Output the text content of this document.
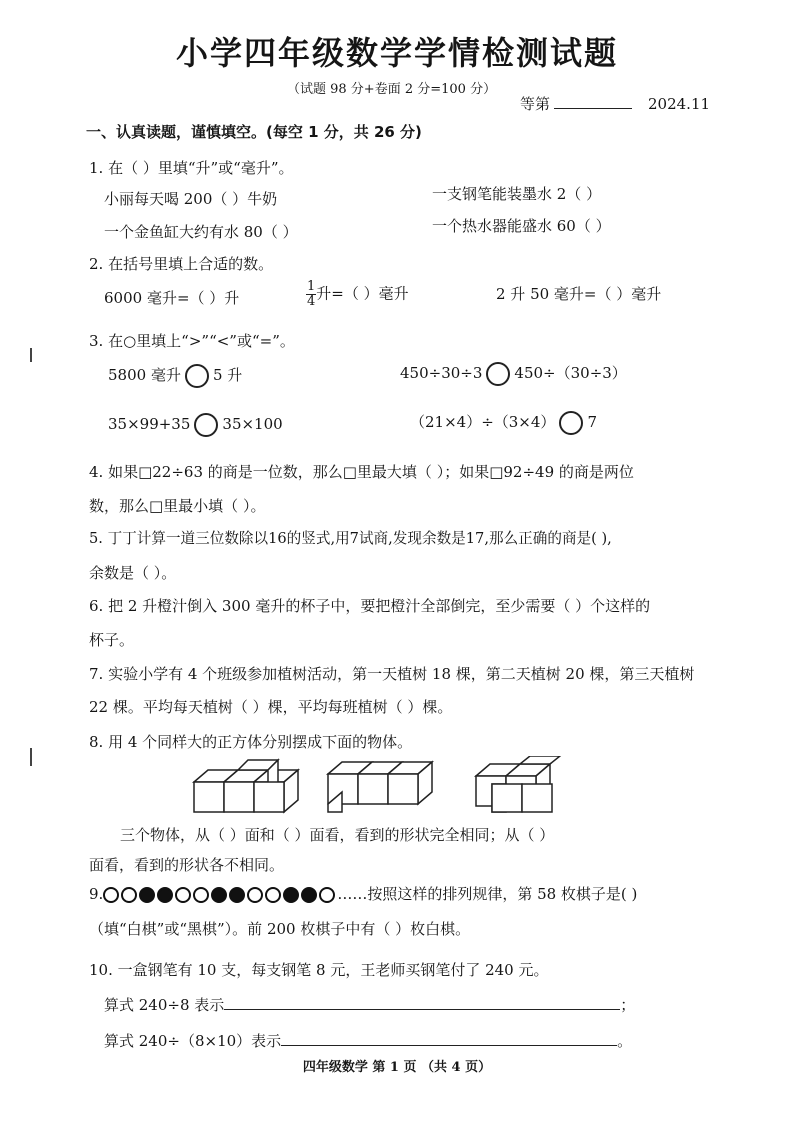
小学四年级数学学情检测试题
（试题 98 分+卷面 2 分=100 分）
等第	2024.11
一、认真读题，谨慎填空。(每空 1 分，共 26 分)
1. 在（ ）里填“升”或“毫升”。
小丽每天喝 200（ ）牛奶	一支钢笔能装墨水 2（ ）
一个金鱼缸大约有水 80（ ）	一个热水器能盛水 60（ ）
2. 在括号里填上合适的数。
6000 毫升=（ ）升	$\frac{1}{4}$ 升=（ ）毫升	2 升 50 毫升=（ ）毫升
3. 在○里填上“>”“<”或“=”。
5800 毫升 5 升	450÷30÷3 450÷（30÷3）
35×99+35 35×100	（21×4）÷（3×4） 7
4. 如果□22÷63 的商是一位数，那么□里最大填（ ）；如果□92÷49 的商是两位
数，那么□里最小填（ ）。
5. 丁丁计算一道三位数除以16的竖式,用7试商,发现余数是17,那么正确的商是( ),
余数是（ ）。
6. 把 2 升橙汁倒入 300 毫升的杯子中，要把橙汁全部倒完，至少需要（ ）个这样的
杯子。
7. 实验小学有 4 个班级参加植树活动，第一天植树 18 棵，第二天植树 20 棵，第三天植树
22 棵。平均每天植树（ ）棵，平均每班植树（ ）棵。
8. 用 4 个同样大的正方体分别摆成下面的物体。
三个物体，从（ ）面和（ ）面看，看到的形状完全相同；从（ ）
面看，看到的形状各不相同。
9.	……按照这样的排列规律，第 58 枚棋子是( )
（填“白棋”或“黑棋”）。前 200 枚棋子中有（ ）枚白棋。
10. 一盒钢笔有 10 支，每支钢笔 8 元，王老师买钢笔付了 240 元。
算式 240÷8 表示	；
算式 240÷（8×10）表示	。
四年级数学 第 1 页 （共 4 页）
